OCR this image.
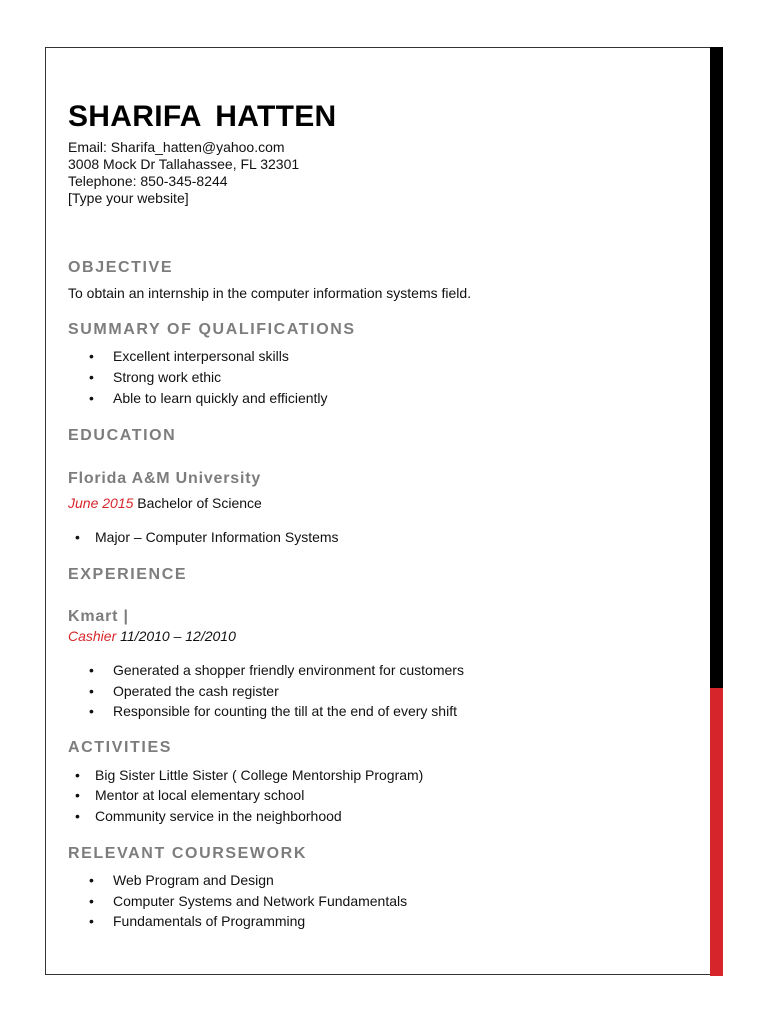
SHARIFA HATTEN
Email: Sharifa_hatten@yahoo.com
3008 Mock Dr Tallahassee, FL 32301
Telephone: 850-345-8244
[Type your website]
OBJECTIVE
To obtain an internship in the computer information systems field.
SUMMARY OF QUALIFICATIONS
Excellent interpersonal skills
Strong work ethic
Able to learn quickly and efficiently
EDUCATION
Florida A&M University
June 2015 Bachelor of Science
Major – Computer Information Systems
EXPERIENCE
Kmart |
Cashier 11/2010 – 12/2010
Generated a shopper friendly environment for customers
Operated the cash register
Responsible for counting the till at the end of every shift
ACTIVITIES
Big Sister Little Sister ( College Mentorship Program)
Mentor at local elementary school
Community service in the neighborhood
RELEVANT COURSEWORK
Web Program and Design
Computer Systems and Network Fundamentals
Fundamentals of Programming
